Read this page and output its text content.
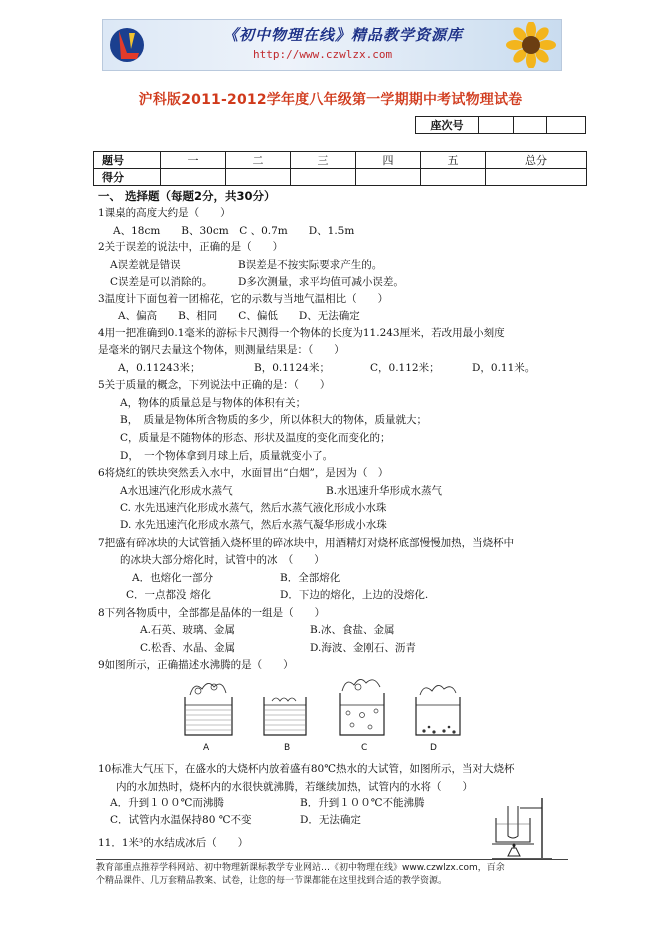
《初中物理在线》精品教学资源库
http://www.czwlzx.com
沪科版2011-2012学年度八年级第一学期期中考试物理试卷
座次号			
题号	一	二	三	四	五	总分
得分						
一、 选择题（每题2分，共30分）
1课桌的高度大约是（　　）
A、18cm　　B、30cm　C 、0.7m　　D、1.5m
2关于误差的说法中，正确的是（　　）
A误差就是错误	B误差是不按实际要求产生的。
C误差是可以消除的。 D多次测量，求平均值可减小误差。
3温度计下面包着一团棉花，它的示数与当地气温相比（　　）
A、偏高　　B、相同　　C、偏低　　D、无法确定
4用一把准确到0.1毫米的游标卡尺测得一个物体的长度为11.243厘米，若改用最小刻度
是毫米的钢尺去量这个物体，则测量结果是：（　　）
A，0.11243米；	B，0.1124米；	C，0.112米；	D，0.11米。
5关于质量的概念，下列说法中正确的是：（　　）
A，物体的质量总是与物体的体积有关；
B，　质量是物体所含物质的多少，所以体积大的物体，质量就大；
C，质量是不随物体的形态、形状及温度的变化而变化的；
D，　一个物体拿到月球上后，质量就变小了。
6将烧红的铁块突然丢入水中，水面冒出“白烟”，是因为（　）
A水迅速汽化形成水蒸气	B.水迅速升华形成水蒸气
C. 水先迅速汽化形成水蒸气，然后水蒸气液化形成小水珠
D. 水先迅速汽化形成水蒸气，然后水蒸气凝华形成小水珠
7把盛有碎冰块的大试管插入烧杯里的碎冰块中，用酒精灯对烧杯底部慢慢加热，当烧杯中
的冰块大部分熔化时，试管中的冰　（　　）
A．也熔化一部分	B．全部熔化
C．一点都没 熔化	D．下边的熔化，上边的没熔化.
8下列各物质中，全部都是晶体的一组是（　　）
A.石英、玻璃、金属	B.冰、食盐、金属
C.松香、水晶、金属	D.海波、金刚石、沥青
9如图所示，正确描述水沸腾的是（　　）
A	B	C	D
10标准大气压下，在盛水的大烧杯内放着盛有80℃热水的大试管，如图所示，当对大烧杯
内的水加热时，烧杯内的水很快就沸腾，若继续加热，试管内的水将（　　）
A．升到１００℃而沸腾	B．升到１００℃不能沸腾
C．试管内水温保持80 ℃不变	D．无法确定
11．1米³的水结成冰后（　　）
教育部重点推荐学科网站、初中物理新课标教学专业网站…《初中物理在线》www.czwlzx.com，百余
个精品课件、几万套精品教案、试卷，让您的每一节课都能在这里找到合适的教学资源。
